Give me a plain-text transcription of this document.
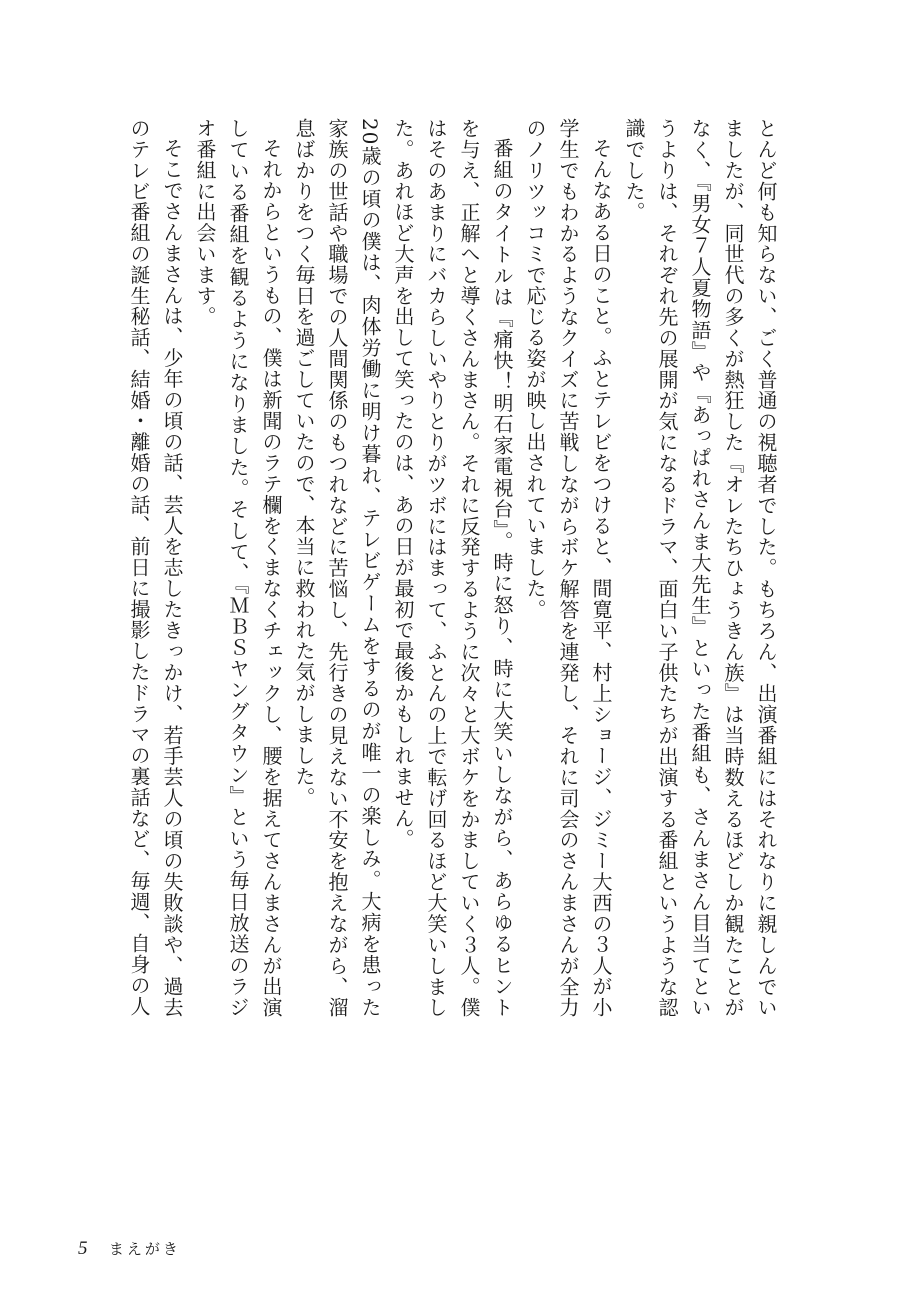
とんど何も知らない、ごく普通の視聴者でした。もちろん、出演番組にはそれなりに親しんでいましたが、同世代の多くが熱狂した『オレたちひょうきん族』は当時数えるほどしか観たことがなく、『男女７人夏物語』や『あっぱれさんま大先生』といった番組も、さんまさん目当てというよりは、それぞれ先の展開が気になるドラマ、面白い子供たちが出演する番組というような認識でした。

そんなある日のこと。ふとテレビをつけると、間寛平、村上ショージ、ジミー大西の３人が小学生でもわかるようなクイズに苦戦しながらボケ解答を連発し、それに司会のさんまさんが全力のノリツッコミで応じる姿が映し出されていました。

番組のタイトルは『痛快！明石家電視台』。時に怒り、時に大笑いしながら、あらゆるヒントを与え、正解へと導くさんまさん。それに反発するように次々と大ボケをかましていく３人。僕はそのあまりにバカらしいやりとりがツボにはまって、ふとんの上で転げ回るほど大笑いしました。あれほど大声を出して笑ったのは、あの日が最初で最後かもしれません。

20歳の頃の僕は、肉体労働に明け暮れ、テレビゲームをするのが唯一の楽しみ。大病を患った家族の世話や職場での人間関係のもつれなどに苦悩し、先行きの見えない不安を抱えながら、溜息ばかりをつく毎日を過ごしていたので、本当に救われた気がしました。

それからというもの、僕は新聞のラテ欄をくまなくチェックし、腰を据えてさんまさんが出演している番組を観るようになりました。そして、『ＭＢＳヤングタウン』という毎日放送のラジオ番組に出会います。

そこでさんまさんは、少年の頃の話、芸人を志したきっかけ、若手芸人の頃の失敗談や、過去のテレビ番組の誕生秘話、結婚・離婚の話、前日に撮影したドラマの裏話など、毎週、自身の人

5 まえがき
